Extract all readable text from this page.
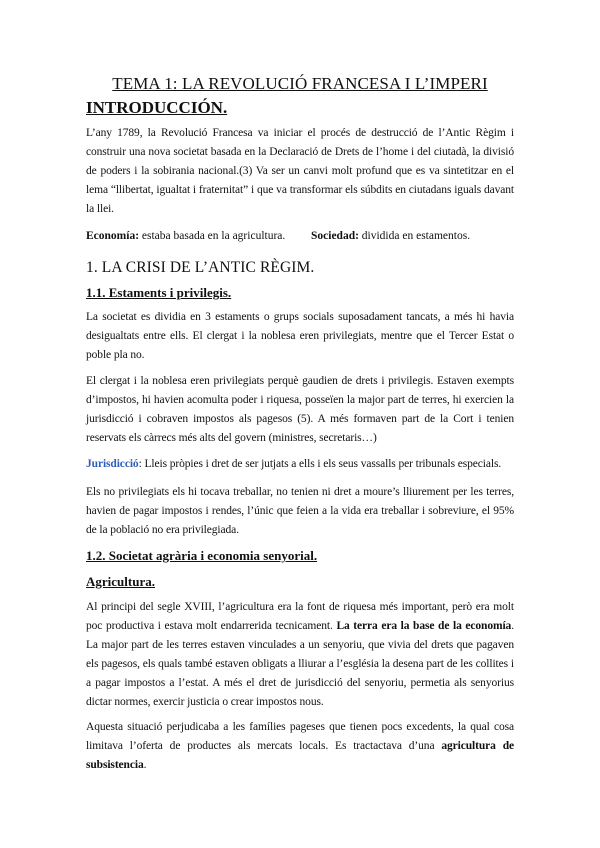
TEMA 1: LA REVOLUCIÓ FRANCESA I L’IMPERI
INTRODUCCIÓN.
L’any 1789, la Revolució Francesa va iniciar el procés de destrucció de l’Antic Règim i construir una nova societat basada en la Declaració de Drets de l’home i del ciutadà, la divisió de poders i la sobirania nacional.(3) Va ser un canvi molt profund que es va sintetitzar en el lema “llibertat, igualtat i fraternitat” i que va transformar els súbdits en ciutadans iguals davant la llei.
Economía: estaba basada en la agricultura. Sociedad: dividida en estamentos.
1. LA CRISI DE L’ANTIC RÈGIM.
1.1. Estaments i privilegis.
La societat es dividia en 3 estaments o grups socials suposadament tancats, a més hi havia desigualtats entre ells. El clergat i la noblesa eren privilegiats, mentre que el Tercer Estat o poble pla no.
El clergat i la noblesa eren privilegiats perquè gaudien de drets i privilegis. Estaven exempts d’impostos, hi havien acomulta poder i riquesa, posseïen la major part de terres, hi exercien la jurisdicció i cobraven impostos als pagesos (5). A més formaven part de la Cort i tenien reservats els càrrecs més alts del govern (ministres, secretaris…)
Jurisdicció: Lleis pròpies i dret de ser jutjats a ells i els seus vassalls per tribunals especials.
Els no privilegiats els hi tocava treballar, no tenien ni dret a moure’s lliurement per les terres, havien de pagar impostos i rendes, l’únic que feien a la vida era treballar i sobreviure, el 95% de la població no era privilegiada.
1.2. Societat agrària i economia senyorial.
Agricultura.
Al principi del segle XVIII, l’agricultura era la font de riquesa més important, però era molt poc productiva i estava molt endarrerida tecnicament. La terra era la base de la economía. La major part de les terres estaven vinculades a un senyoriu, que vivia del drets que pagaven els pagesos, els quals també estaven obligats a lliurar a l’església la desena part de les collites i a pagar impostos a l’estat. A més el dret de jurisdicció del senyoriu, permetia als senyorius dictar normes, exercir justicia o crear impostos nous.
Aquesta situació perjudicaba a les famílies pageses que tienen pocs excedents, la qual cosa limitava l’oferta de productes als mercats locals. Es tractactava d’una agricultura de subsistencia.
